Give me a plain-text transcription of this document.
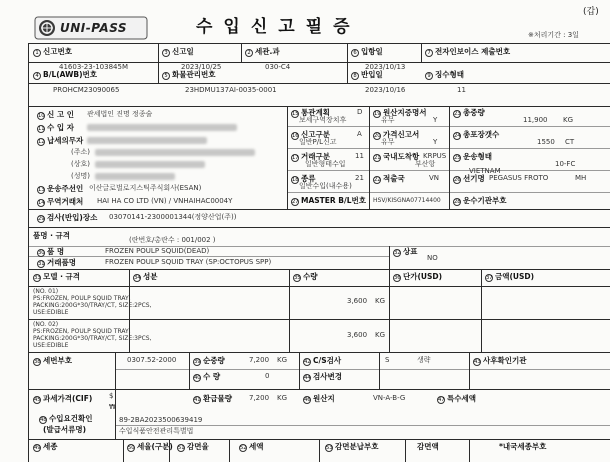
UNI-PASS	수입신고필증
(갑)
※처리기간 : 3일
1 신고번호
41603-23-103845M
3 신고일
2023/10/25
2 세관.과
030-C4
6 입항일
2023/10/13
7 전자인보이스 제출번호
4 B/L(AWB)번호
PROHCM23090065
5 화물관리번호
23HDMU137AI-0035-0001
8 반입일
2023/10/16
9 징수형태
11
10 신 고 인 관세법인 진명 정종술
11 수 입 자
12 납세의무자
(주소)
(상호)
(성명)
13 운송주선인 이산글로벌로지스틱주식회사(ESAN)
14 무역거래처 HAI HA CO LTD (VN) / VNHAIHAC0004Y
15 통관계획	D
보세구역장치후
19 원산지증명서
유무	Y
23 총중량
11,900 KG
16 신고구분	A
일반P/L신고
20 가격신고서
유무	Y
24 총포장갯수
1550 CT
17 거래구분	11
일반형태수입
21 국내도착항 KRPUS
부산항
25 운송형태
10-FC
18 종류	21
일반수입(내수용)
22 적출국	VN	26 선기명
VIETNAM
PEGASUS FROTO	MH
27 MASTER B/L번호 HSV/KISGNA07714400	28 운수기관부호
29 검사(반입)장소 03070141-2300001344(정양산업(주))
품명 · 규격	(란번호/총란수 : 001/002 )
30 품 명	FROZEN POULP SQUID(DEAD)	32 상표
NO
31 거래품명	FROZEN POULP SQUID TRAY (SP:OCTOPUS SPP)
33 모델 · 규격	34 성분	35 수량	36 단가(USD)	37 금액(USD)
(NO. 01)
PS:FROZEN, POULP SQUID TRAY,
PACKING:200G*30/TRAY/CT, SIZE:2PCS,
USE:EDIBLE
3,600 KG
(NO. 02)
PS:FROZEN, POULP SQUID TRAY,
PACKING:200G*30/TRAY/CT, SIZE:3PCS,
USE:EDIBLE
3,600 KG
38 세번부호	0307.52-2000	39 순중량	7,200 KG	42 C/S검사	S	생략	43 사후확인기관
40 수 량	0	44 검사변경
45 과세가격(CIF) $
₩
41 환급물량 7,200 KG	46 원산지	VN-A-B-G	47 특수세액
48 수입요건확인
(발급서류명)
89-2BA2023500639419
수입식품안전관리특별법
49 세종	50 세율(구분) 51 감면율	52 세액	53 감면분납부호	감면액	*내국세종부호
